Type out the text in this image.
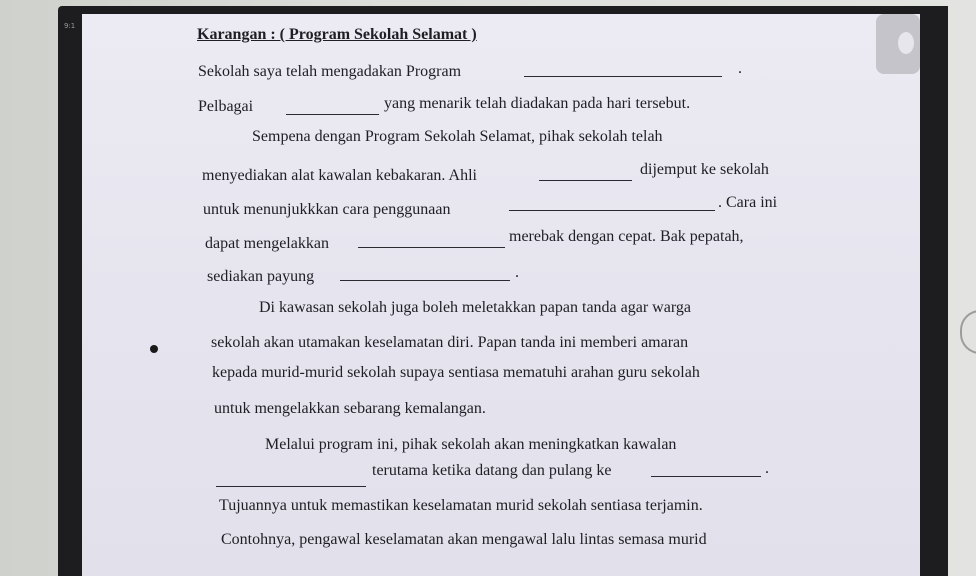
9:1	Karangan : ( Program Sekolah Selamat )
Sekolah saya telah mengadakan Program	.
Pelbagai	yang menarik telah diadakan pada hari tersebut.
Sempena dengan Program Sekolah Selamat, pihak sekolah telah
menyediakan alat kawalan kebakaran. Ahli	dijemput ke sekolah
untuk menunjukkkan cara penggunaan	. Cara ini
dapat mengelakkan	merebak dengan cepat. Bak pepatah,
sediakan payung	.
Di kawasan sekolah juga boleh meletakkan papan tanda agar warga
sekolah akan utamakan keselamatan diri. Papan tanda ini memberi amaran
kepada murid-murid sekolah supaya sentiasa mematuhi arahan guru sekolah
untuk mengelakkan sebarang kemalangan.
Melalui program ini, pihak sekolah akan meningkatkan kawalan
terutama ketika datang dan pulang ke	.
Tujuannya untuk memastikan keselamatan murid sekolah sentiasa terjamin.
Contohnya, pengawal keselamatan akan mengawal lalu lintas semasa murid
